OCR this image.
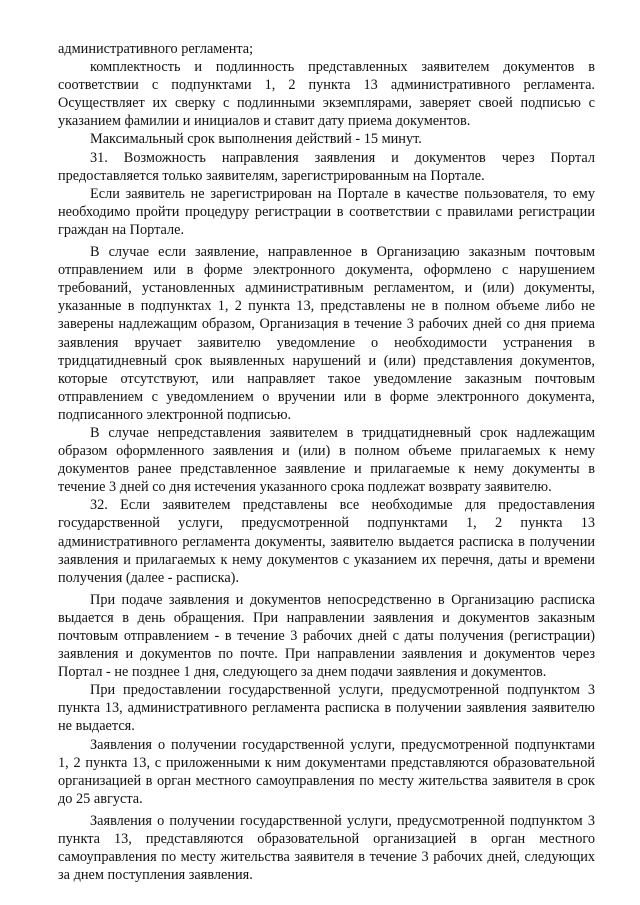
административного регламента;

комплектность и подлинность представленных заявителем документов в соответствии с подпунктами 1, 2 пункта 13 административного регламента. Осуществляет их сверку с подлинными экземплярами, заверяет своей подписью с указанием фамилии и инициалов и ставит дату приема документов.

Максимальный срок выполнения действий - 15 минут.

31. Возможность направления заявления и документов через Портал предоставляется только заявителям, зарегистрированным на Портале.

Если заявитель не зарегистрирован на Портале в качестве пользователя, то ему необходимо пройти процедуру регистрации в соответствии с правилами регистрации граждан на Портале.

В случае если заявление, направленное в Организацию заказным почтовым отправлением или в форме электронного документа, оформлено с нарушением требований, установленных административным регламентом, и (или) документы, указанные в подпунктах 1, 2 пункта 13, представлены не в полном объеме либо не заверены надлежащим образом, Организация в течение 3 рабочих дней со дня приема заявления вручает заявителю уведомление о необходимости устранения в тридцатидневный срок выявленных нарушений и (или) представления документов, которые отсутствуют, или направляет такое уведомление заказным почтовым отправлением с уведомлением о вручении или в форме электронного документа, подписанного электронной подписью.

В случае непредставления заявителем в тридцатидневный срок надлежащим образом оформленного заявления и (или) в полном объеме прилагаемых к нему документов ранее представленное заявление и прилагаемые к нему документы в течение 3 дней со дня истечения указанного срока подлежат возврату заявителю.

32. Если заявителем представлены все необходимые для предоставления государственной услуги, предусмотренной подпунктами 1, 2 пункта 13 административного регламента документы, заявителю выдается расписка в получении заявления и прилагаемых к нему документов с указанием их перечня, даты и времени получения (далее - расписка).

При подаче заявления и документов непосредственно в Организацию расписка выдается в день обращения. При направлении заявления и документов заказным почтовым отправлением - в течение 3 рабочих дней с даты получения (регистрации) заявления и документов по почте. При направлении заявления и документов через Портал - не позднее 1 дня, следующего за днем подачи заявления и документов.

При предоставлении государственной услуги, предусмотренной подпунктом 3 пункта 13, административного регламента расписка в получении заявления заявителю не выдается.

Заявления о получении государственной услуги, предусмотренной подпунктами 1, 2 пункта 13, с приложенными к ним документами представляются образовательной организацией в орган местного самоуправления по месту жительства заявителя в срок до 25 августа.

Заявления о получении государственной услуги, предусмотренной подпунктом 3 пункта 13, представляются образовательной организацией в орган местного самоуправления по месту жительства заявителя в течение 3 рабочих дней, следующих за днем поступления заявления.
